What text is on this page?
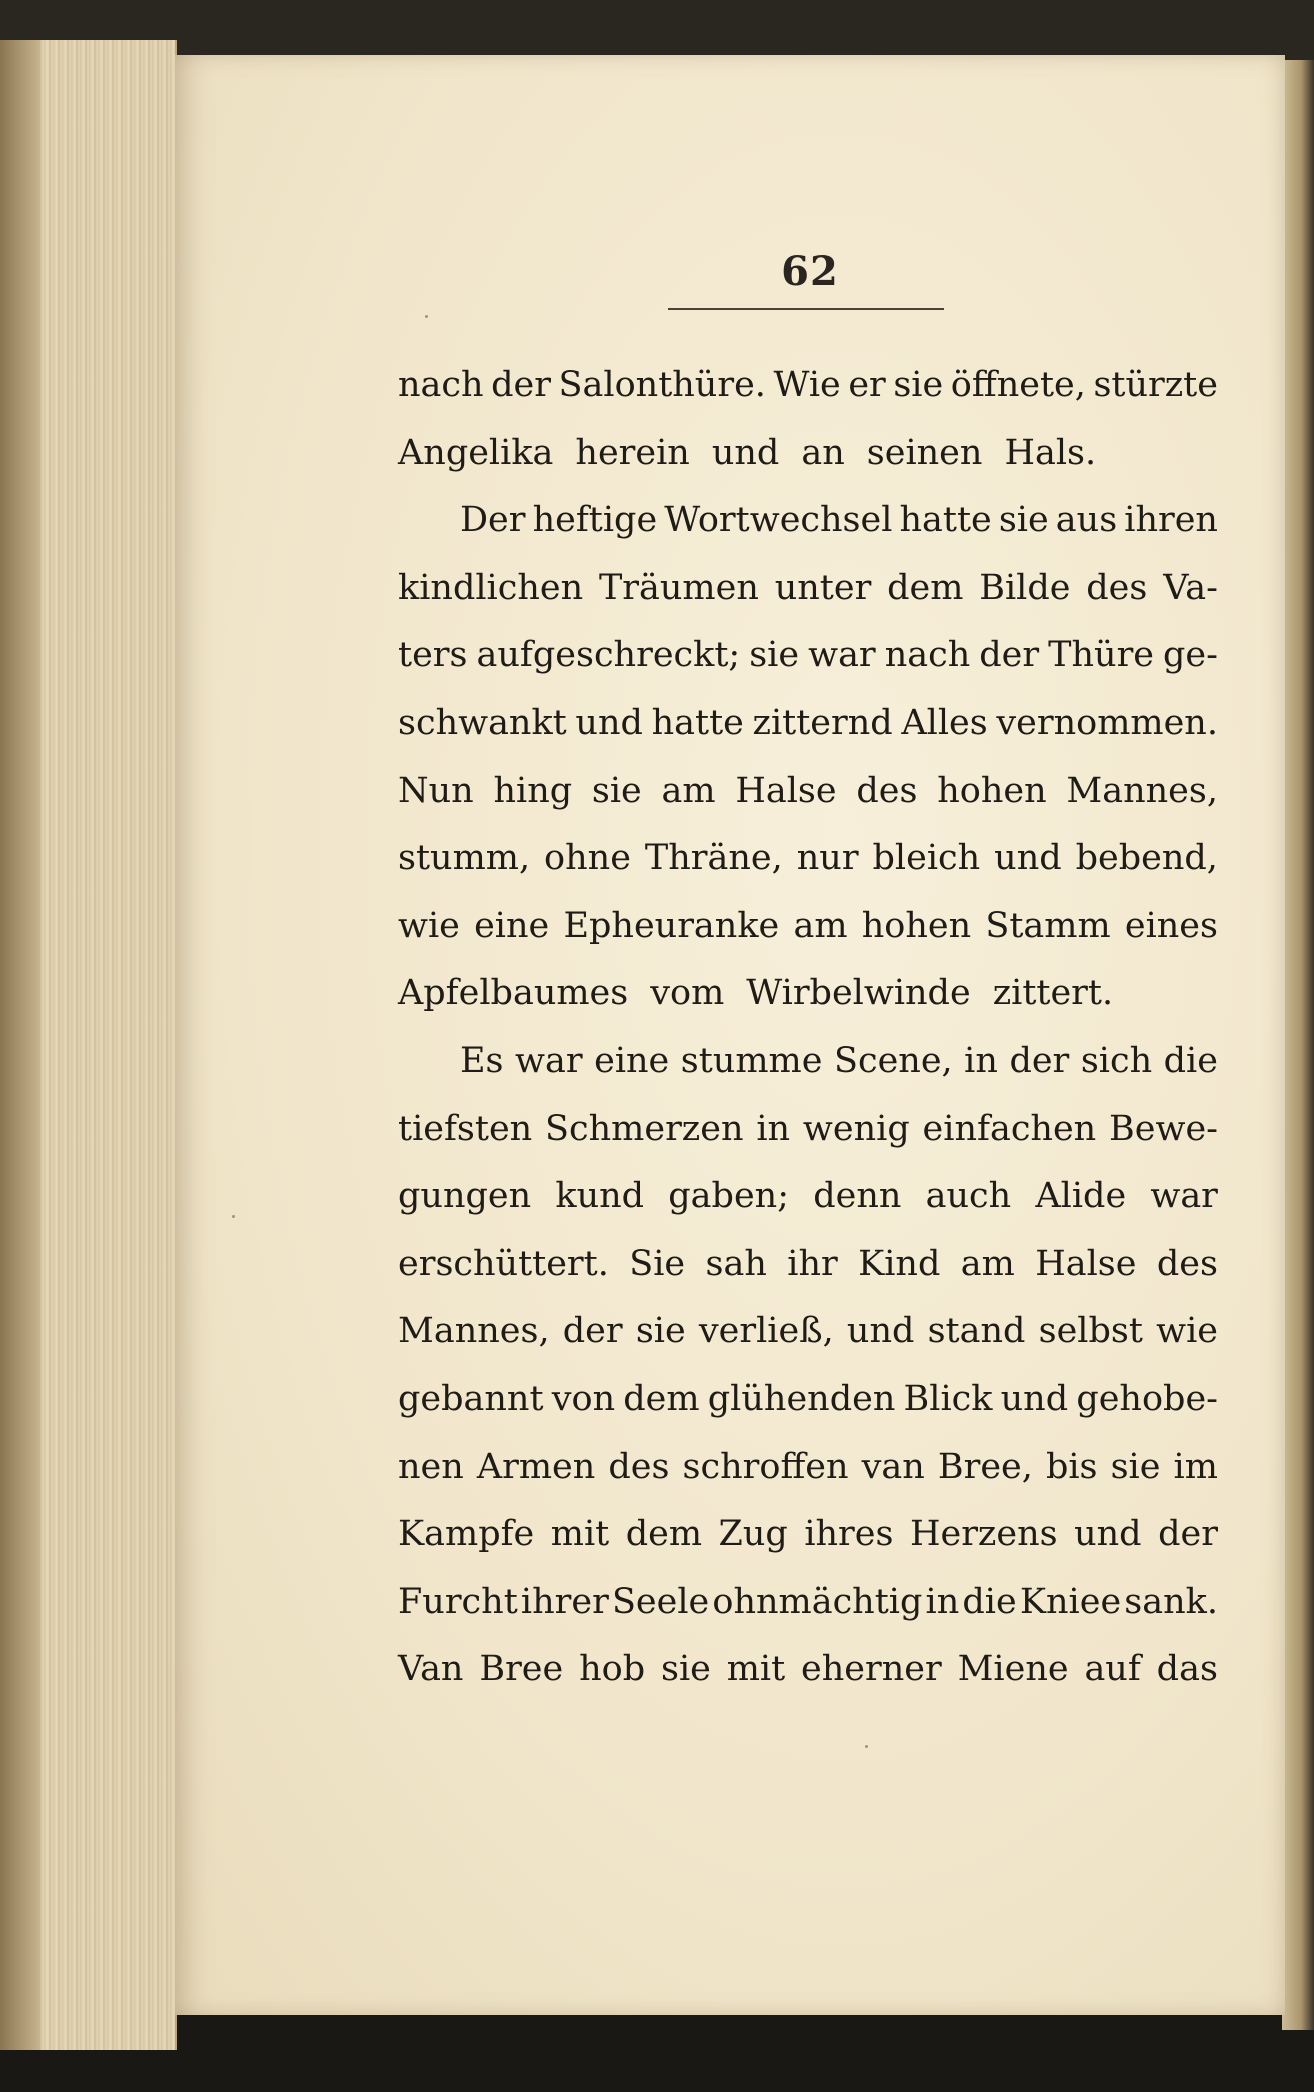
62
nach der Salonthüre. Wie er sie öffnete, stürzte
Angelika herein und an seinen Hals.
Der heftige Wortwechsel hatte sie aus ihren
kindlichen Träumen unter dem Bilde des Va-
ters aufgeschreckt; sie war nach der Thüre ge-
schwankt und hatte zitternd Alles vernommen.
Nun hing sie am Halse des hohen Mannes,
stumm, ohne Thräne, nur bleich und bebend,
wie eine Epheuranke am hohen Stamm eines
Apfelbaumes vom Wirbelwinde zittert.
Es war eine stumme Scene, in der sich die
tiefsten Schmerzen in wenig einfachen Bewe-
gungen kund gaben; denn auch Alide war
erschüttert. Sie sah ihr Kind am Halse des
Mannes, der sie verließ, und stand selbst wie
gebannt von dem glühenden Blick und gehobe-
nen Armen des schroffen van Bree, bis sie im
Kampfe mit dem Zug ihres Herzens und der
Furcht ihrer Seele ohnmächtig in die Kniee sank.
Van Bree hob sie mit eherner Miene auf das
